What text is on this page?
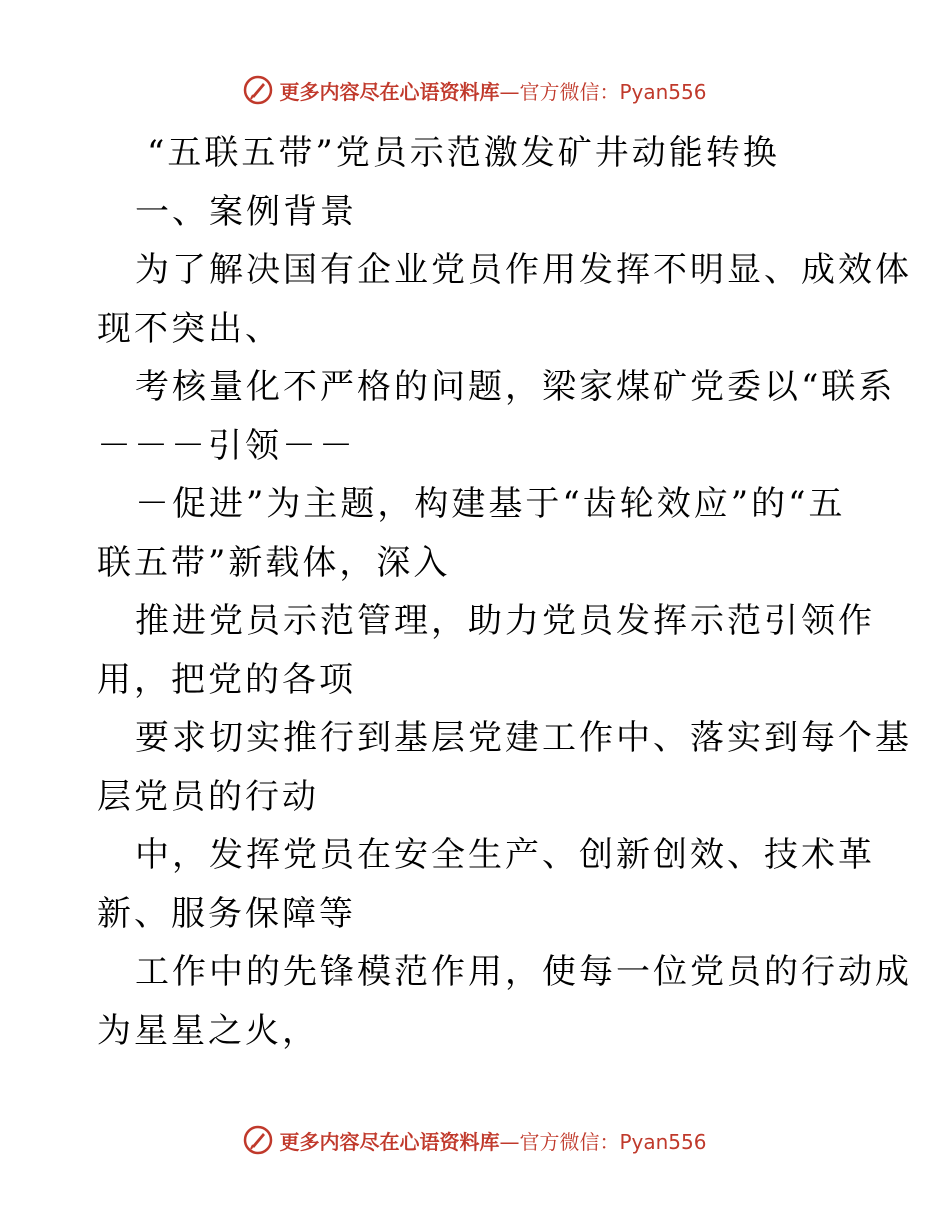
更多内容尽在心语资料库—官方微信：Pyan556
“五联五带”党员示范激发矿井动能转换
一、案例背景
为了解决国有企业党员作用发挥不明显、成效体
现不突出、
考核量化不严格的问题，梁家煤矿党委以“联系
－－－引领－－
－促进”为主题，构建基于“齿轮效应”的“五
联五带”新载体，深入
推进党员示范管理，助力党员发挥示范引领作
用，把党的各项
要求切实推行到基层党建工作中、落实到每个基
层党员的行动
中，发挥党员在安全生产、创新创效、技术革
新、服务保障等
工作中的先锋模范作用，使每一位党员的行动成
为星星之火，
更多内容尽在心语资料库—官方微信：Pyan556
